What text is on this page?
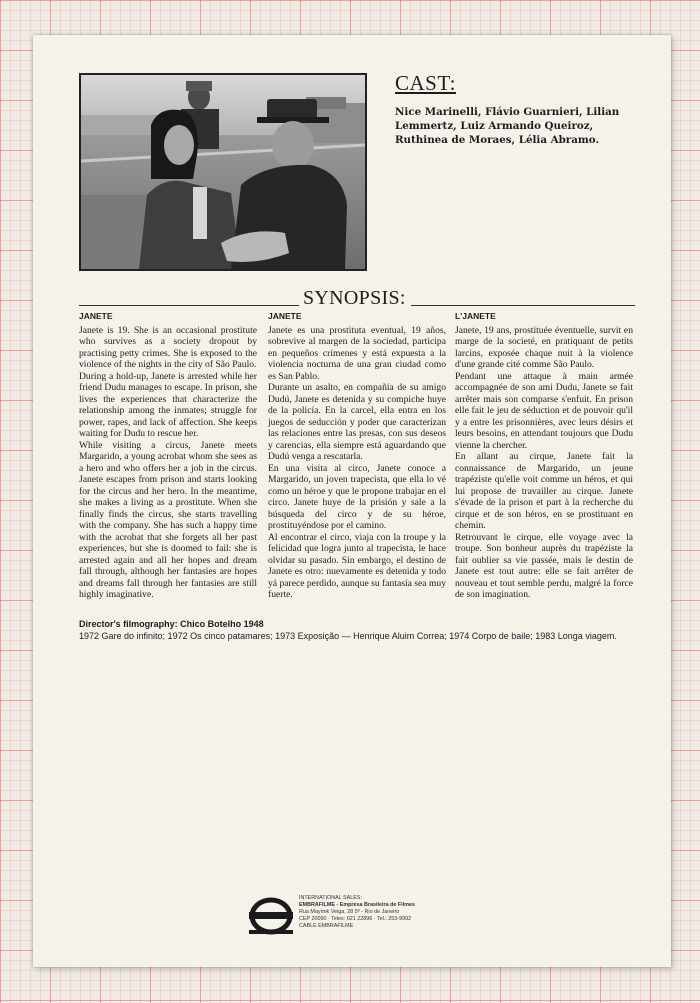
CAST:
Nice Marinelli, Flávio Guarnieri, Lilian Lemmertz, Luiz Armando Queiroz, Ruthinea de Moraes, Lélia Abramo.
SYNOPSIS:
JANETE

Janete is 19. She is an occasional prostitute who survives as a society dropout by practising petty crimes. She is exposed to the violence of the nights in the city of São Paulo.

During a hold-up, Janete is arrested while her friend Dudu manages to escape. In prison, she lives the experiences that characterize the relationship among the inmates; struggle for power, rapes, and lack of affection. She keeps waiting for Dudu to rescue her.

While visiting a circus, Janete meets Margarido, a young acrobat whom she sees as a hero and who offers her a job in the circus. Janete escapes from prison and starts looking for the circus and her hero. In the meantime, she makes a living as a prostitute. When she finally finds the circus, she starts travelling with the company. She has such a happy time with the acrobat that she forgets all her past experiences, but she is doomed to fail: she is arrested again and all her hopes and dream fall through, although her fantasies are hopes and dreams fall through her fantasies are still highly imaginative.

JANETE

Janete es una prostituta eventual, 19 años, sobrevive al margen de la sociedad, participa en pequeños crímenes y está expuesta a la violencia nocturna de una gran ciudad como es San Pablo.

Durante un asalto, en compañía de su amigo Dudú, Janete es detenida y su compiche huye de la policía. En la carcel, ella entra en los juegos de seducción y poder que caracterizan las relaciones entre las presas, con sus deseos y carencias, ella siempre está aguardando que Dudú venga a rescatarla.

En una visita al circo, Janete conoce a Margarido, un joven trapecista, que ella lo vé como un héroe y que le propone trabajar en el circo. Janete huye de la prisión y sale a la búsqueda del circo y de su héroe, prostituyéndose por el camino.

Al encontrar el circo, viaja con la troupe y la felicidad que logra junto al trapecista, le hace olvidar su pasado. Sin embargo, el destino de Janete es otro: nuevamente es detenida y todo yá parece perdido, aunque su fantasía sea muy fuerte.

L'JANETE

Janete, 19 ans, prostituée éventuelle, survit en marge de la societé, en pratiquant de petits larcins, exposée chaque nuit à la violence d'une grande cité comme São Paulo.

Pendant une attaque à main armée accompagnée de son ami Dudu, Janete se fait arrêter mais son comparse s'enfuit. En prison elle fait le jeu de séduction et de pouvoir qu'il y a entre les prisonnières, avec leurs désirs et leurs besoins, en attendant toujours que Dudu vienne la chercher.

En allant au cirque, Janete fait la connaissance de Margarido, un jeune trapéziste qu'elle voit comme un héros, et qui lui propose de travailler au cirque. Janete s'évade de la prison et part à la recherche du cirque et de son héros, en se prostituant en chemin.

Retrouvant le cirque, elle voyage avec la troupe. Son bonheur auprès du trapéziste la fait oublier sa vie passée, mais le destin de Janete est tout autre: elle se fait arrêter de nouveau et tout semble perdu, malgré la force de son imagination.

Director's filmography: Chico Botelho 1948
1972 Gare do infinito; 1972 Os cinco patamares; 1973 Exposição — Henrique Aluim Correa; 1974 Corpo de baile; 1983 Longa viagem.
INTERNATIONAL SALES:
EMBRAFILME - Empresa Brasileira de Filmes
Rua Mayrink Veiga, 28 5º - Rio de Janeiro
CEP 20090 · Telex: 021 22896 · Tel.: 253-9992
CABLE EMBRAFILME
